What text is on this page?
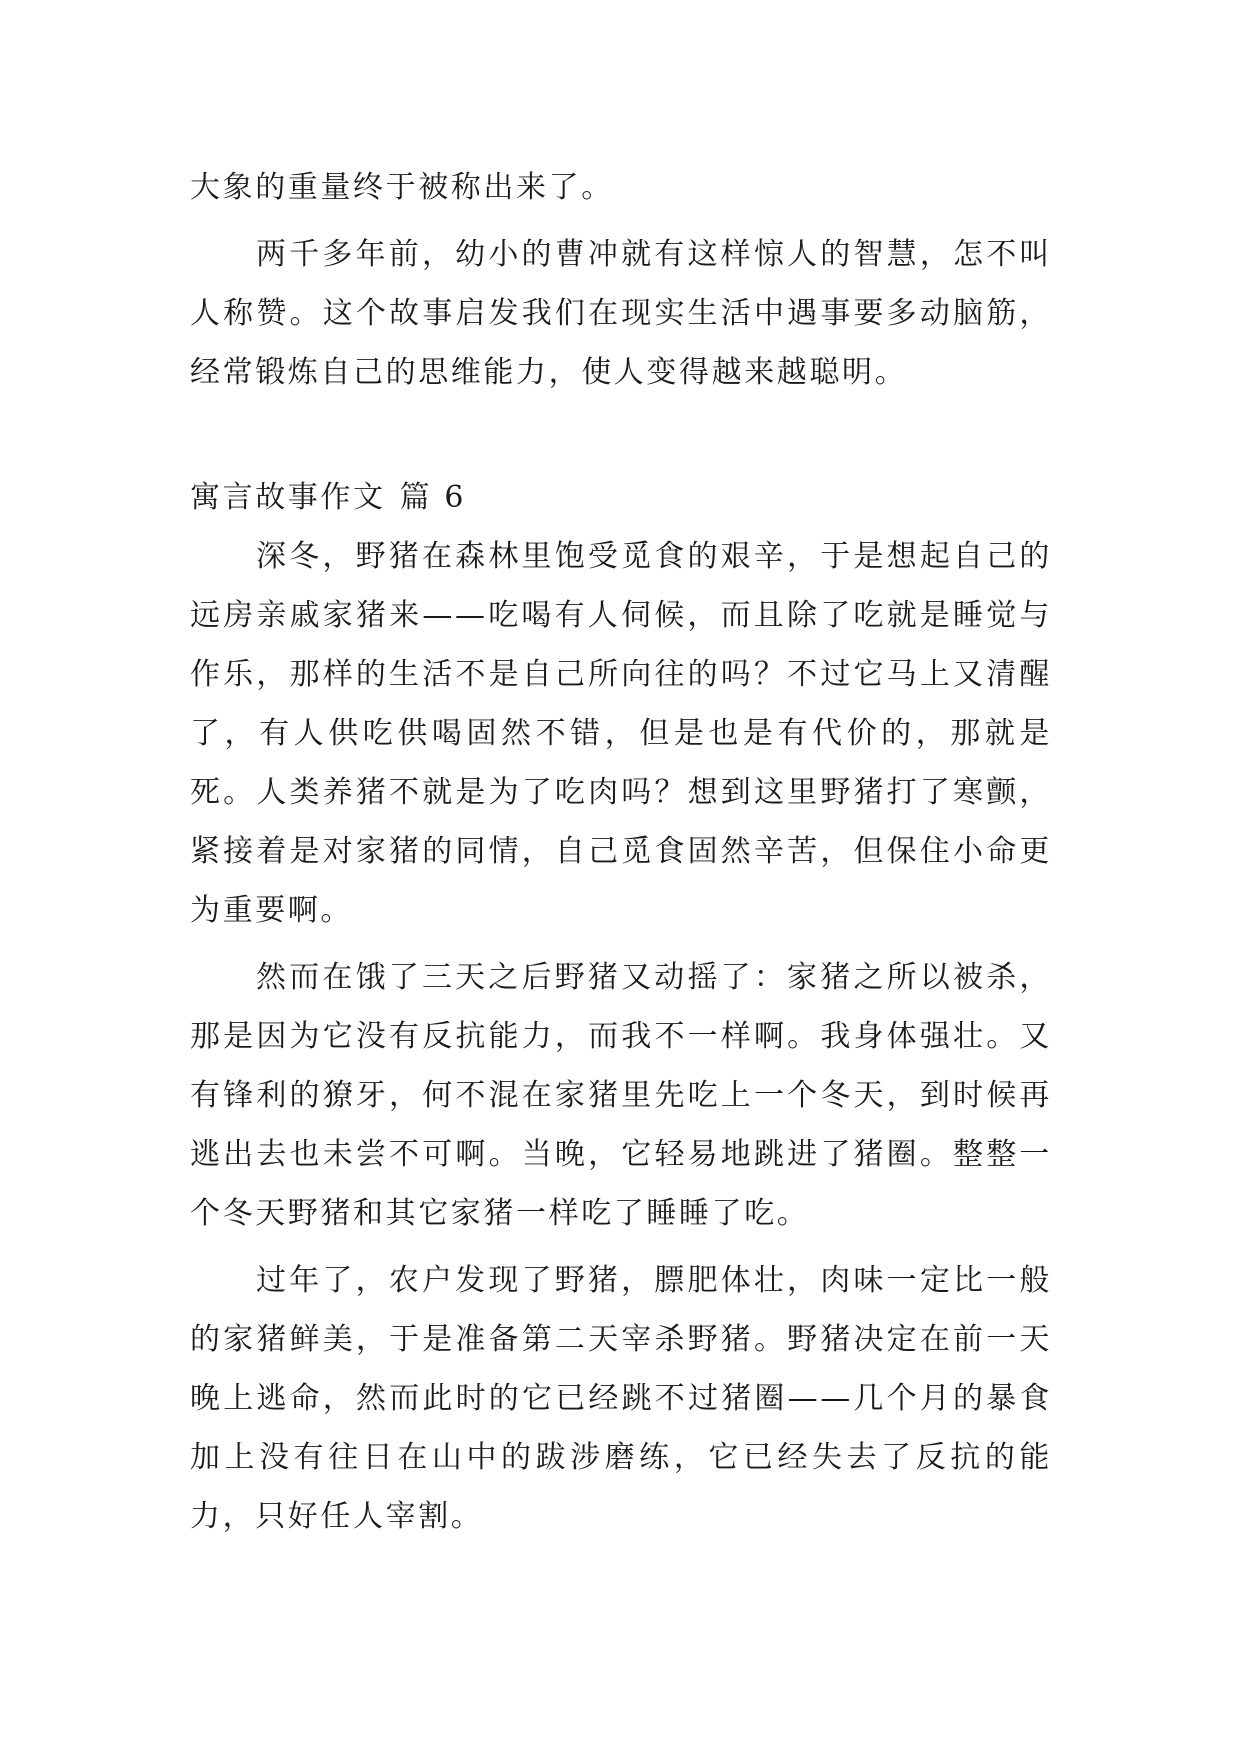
大象的重量终于被称出来了。

两千多年前，幼小的曹冲就有这样惊人的智慧，怎不叫人称赞。这个故事启发我们在现实生活中遇事要多动脑筋，经常锻炼自己的思维能力，使人变得越来越聪明。

寓言故事作文 篇 6

深冬，野猪在森林里饱受觅食的艰辛，于是想起自己的远房亲戚家猪来——吃喝有人伺候，而且除了吃就是睡觉与作乐，那样的生活不是自己所向往的吗？不过它马上又清醒了，有人供吃供喝固然不错，但是也是有代价的，那就是死。人类养猪不就是为了吃肉吗？想到这里野猪打了寒颤，紧接着是对家猪的同情，自己觅食固然辛苦，但保住小命更为重要啊。

然而在饿了三天之后野猪又动摇了：家猪之所以被杀，那是因为它没有反抗能力，而我不一样啊。我身体强壮。又有锋利的獠牙，何不混在家猪里先吃上一个冬天，到时候再逃出去也未尝不可啊。当晚，它轻易地跳进了猪圈。整整一个冬天野猪和其它家猪一样吃了睡睡了吃。

过年了，农户发现了野猪，膘肥体壮，肉味一定比一般的家猪鲜美，于是准备第二天宰杀野猪。野猪决定在前一天晚上逃命，然而此时的它已经跳不过猪圈——几个月的暴食加上没有往日在山中的跋涉磨练，它已经失去了反抗的能力，只好任人宰割。
